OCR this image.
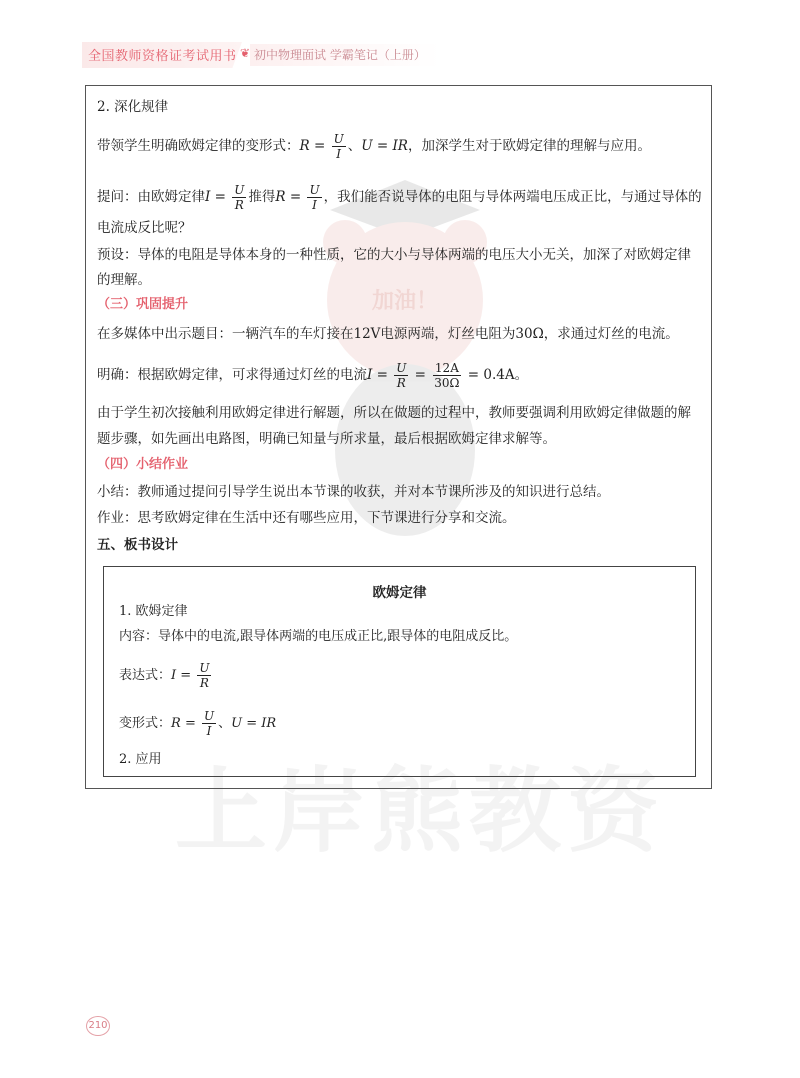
加油！
上岸熊教资
全国教师资格证考试用书 ❦ 初中物理面试 学霸笔记（上册）
2. 深化规律
带领学生明确欧姆定律的变形式：$R = \frac{U}{I}$ 、U = IR，加深学生对于欧姆定律的理解与应用。
提问：由欧姆定律$I = \frac{U}{R}$ 推得$R = \frac{U}{I}$ ，我们能否说导体的电阻与导体两端电压成正比，与通过导体的
电流成反比呢？
预设：导体的电阻是导体本身的一种性质，它的大小与导体两端的电压大小无关，加深了对欧姆定律
的理解。
（三）巩固提升
在多媒体中出示题目：一辆汽车的车灯接在12V电源两端，灯丝电阻为30Ω，求通过灯丝的电流。
明确：根据欧姆定律，可求得通过灯丝的电流$I = \frac{U}{R} = \frac{12A}{30\Omega} = 0.4A$。
由于学生初次接触利用欧姆定律进行解题，所以在做题的过程中，教师要强调利用欧姆定律做题的解
题步骤，如先画出电路图，明确已知量与所求量，最后根据欧姆定律求解等。
（四）小结作业
小结：教师通过提问引导学生说出本节课的收获，并对本节课所涉及的知识进行总结。
作业：思考欧姆定律在生活中还有哪些应用，下节课进行分享和交流。
五、板书设计
欧姆定律
1. 欧姆定律
内容：导体中的电流,跟导体两端的电压成正比,跟导体的电阻成反比。
表达式：$I = \frac{U}{R}$
变形式：$R = \frac{U}{I}$ 、U = IR
2. 应用
210
